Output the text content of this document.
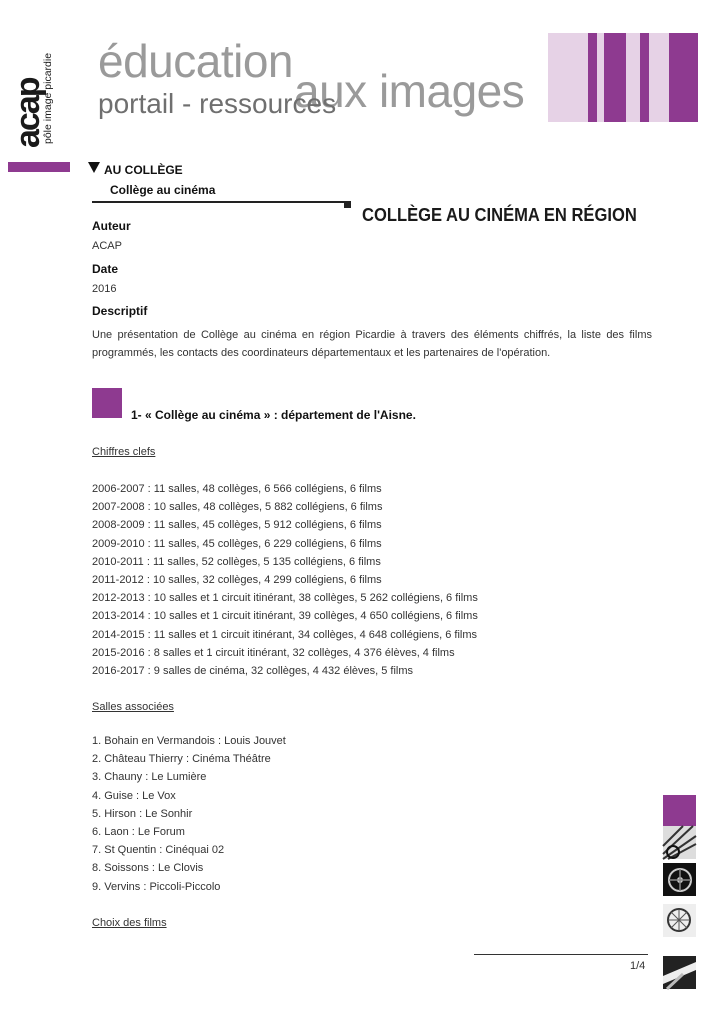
acap
pôle image picardie éducation
aux images
portail - ressources
AU COLLÈGE
Collège au cinéma
COLLÈGE AU CINÉMA EN RÉGION
Auteur
ACAP
Date
2016
Descriptif
Une présentation de Collège au cinéma en région Picardie à travers des éléments chiffrés, la liste des films programmés, les contacts des coordinateurs départementaux et les partenaires de l'opération.
1- « Collège au cinéma » : département de l'Aisne.
Chiffres clefs
2006-2007 : 11 salles, 48 collèges, 6 566 collégiens, 6 films
2007-2008 : 10 salles, 48 collèges, 5 882 collégiens, 6 films
2008-2009 : 11 salles, 45 collèges, 5 912 collégiens, 6 films
2009-2010 : 11 salles, 45 collèges, 6 229 collégiens, 6 films
2010-2011 : 11 salles, 52 collèges, 5 135 collégiens, 6 films
2011-2012 : 10 salles, 32 collèges, 4 299 collégiens, 6 films
2012-2013 : 10 salles et 1 circuit itinérant, 38 collèges, 5 262 collégiens, 6 films
2013-2014 : 10 salles et 1 circuit itinérant, 39 collèges, 4 650 collégiens, 6 films
2014-2015 : 11 salles et 1 circuit itinérant, 34 collèges, 4 648 collégiens, 6 films
2015-2016 : 8 salles et 1 circuit itinérant, 32 collèges, 4 376 élèves, 4 films
2016-2017 : 9 salles de cinéma, 32 collèges, 4 432 élèves, 5 films
Salles associées
1. Bohain en Vermandois : Louis Jouvet
2. Château Thierry : Cinéma Théâtre
3. Chauny : Le Lumière
4. Guise : Le Vox
5. Hirson : Le Sonhir
6. Laon : Le Forum
7. St Quentin : Cinéquai 02
8. Soissons : Le Clovis
9. Vervins : Piccoli-Piccolo
Choix des films
1/4
